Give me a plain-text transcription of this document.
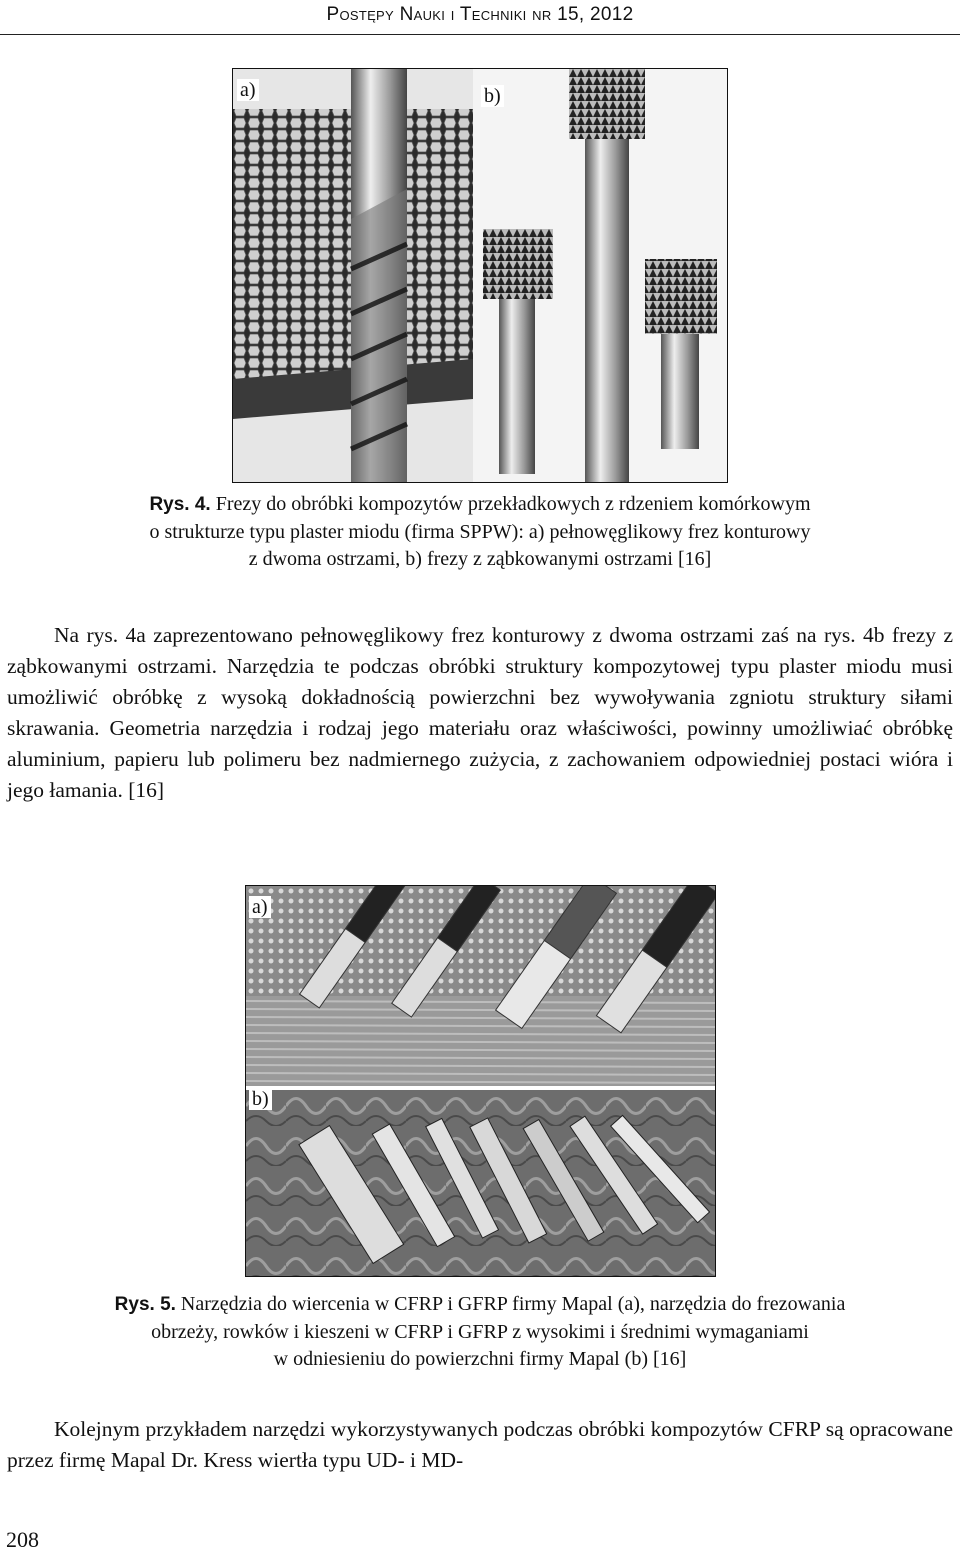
Postępy Nauki i Techniki nr 15, 2012
a)	b)
Rys. 4. Frezy do obróbki kompozytów przekładkowych z rdzeniem komórkowym
o strukturze typu plaster miodu (firma SPPW): a) pełnowęglikowy frez konturowy
z dwoma ostrzami, b) frezy z ząbkowanymi ostrzami [16]

Na rys. 4a zaprezentowano pełnowęglikowy frez konturowy z dwoma ostrzami zaś na rys. 4b frezy z ząbkowanymi ostrzami. Narzędzia te podczas obróbki struktury kompozytowej typu plaster miodu musi umożliwić obróbkę z wysoką dokładnością powierzchni bez wywoływania zgniotu struktury siłami skrawania. Geometria narzędzia i rodzaj jego materiału oraz właściwości, powinny umożliwiać obróbkę aluminium, papieru lub polimeru bez nadmiernego zużycia, z zachowaniem odpowiedniej postaci wióra i jego łamania. [16]

a)
b)
Rys. 5. Narzędzia do wiercenia w CFRP i GFRP firmy Mapal (a), narzędzia do frezowania
obrzeży, rowków i kieszeni w CFRP i GFRP z wysokimi i średnimi wymaganiami
w odniesieniu do powierzchni firmy Mapal (b) [16]

Kolejnym przykładem narzędzi wykorzystywanych podczas obróbki kompozytów CFRP są opracowane przez firmę Mapal Dr. Kress wiertła typu UD- i MD-

208
